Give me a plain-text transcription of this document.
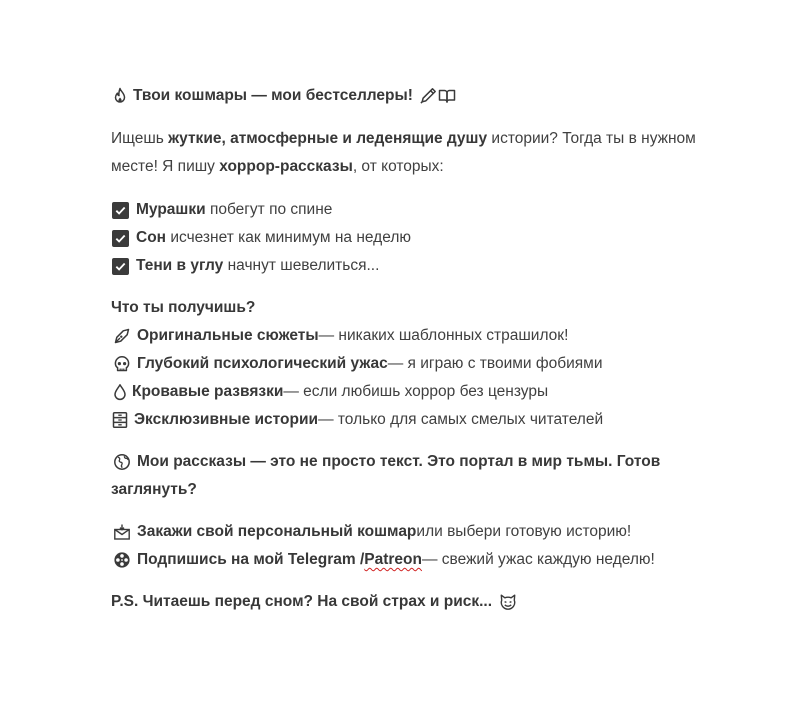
Твои кошмары — мои бестселлеры!
Ищешь
жуткие, атмосферные и леденящие душу
истории? Тогда ты в нужном
месте! Я пишу
хоррор-рассказы , от которых:
Мурашки
побегут по спине
Сон
исчезнет как минимум на неделю
Тени в углу
начнут шевелиться...
Что ты получишь?
Оригинальные сюжеты — никаких шаблонных страшилок!
Глубокий психологический ужас — я играю с твоими фобиями
Кровавые развязки — если любишь хоррор без цензуры
Эксклюзивные истории — только для самых смелых читателей
Мои рассказы — это не просто текст. Это портал в мир тьмы. Готов
заглянуть?
Закажи свой персональный кошмар или выбери готовую историю!
Подпишись на мой Telegram / Patreon — свежий ужас каждую неделю!
P.S. Читаешь перед сном? На свой страх и риск...
